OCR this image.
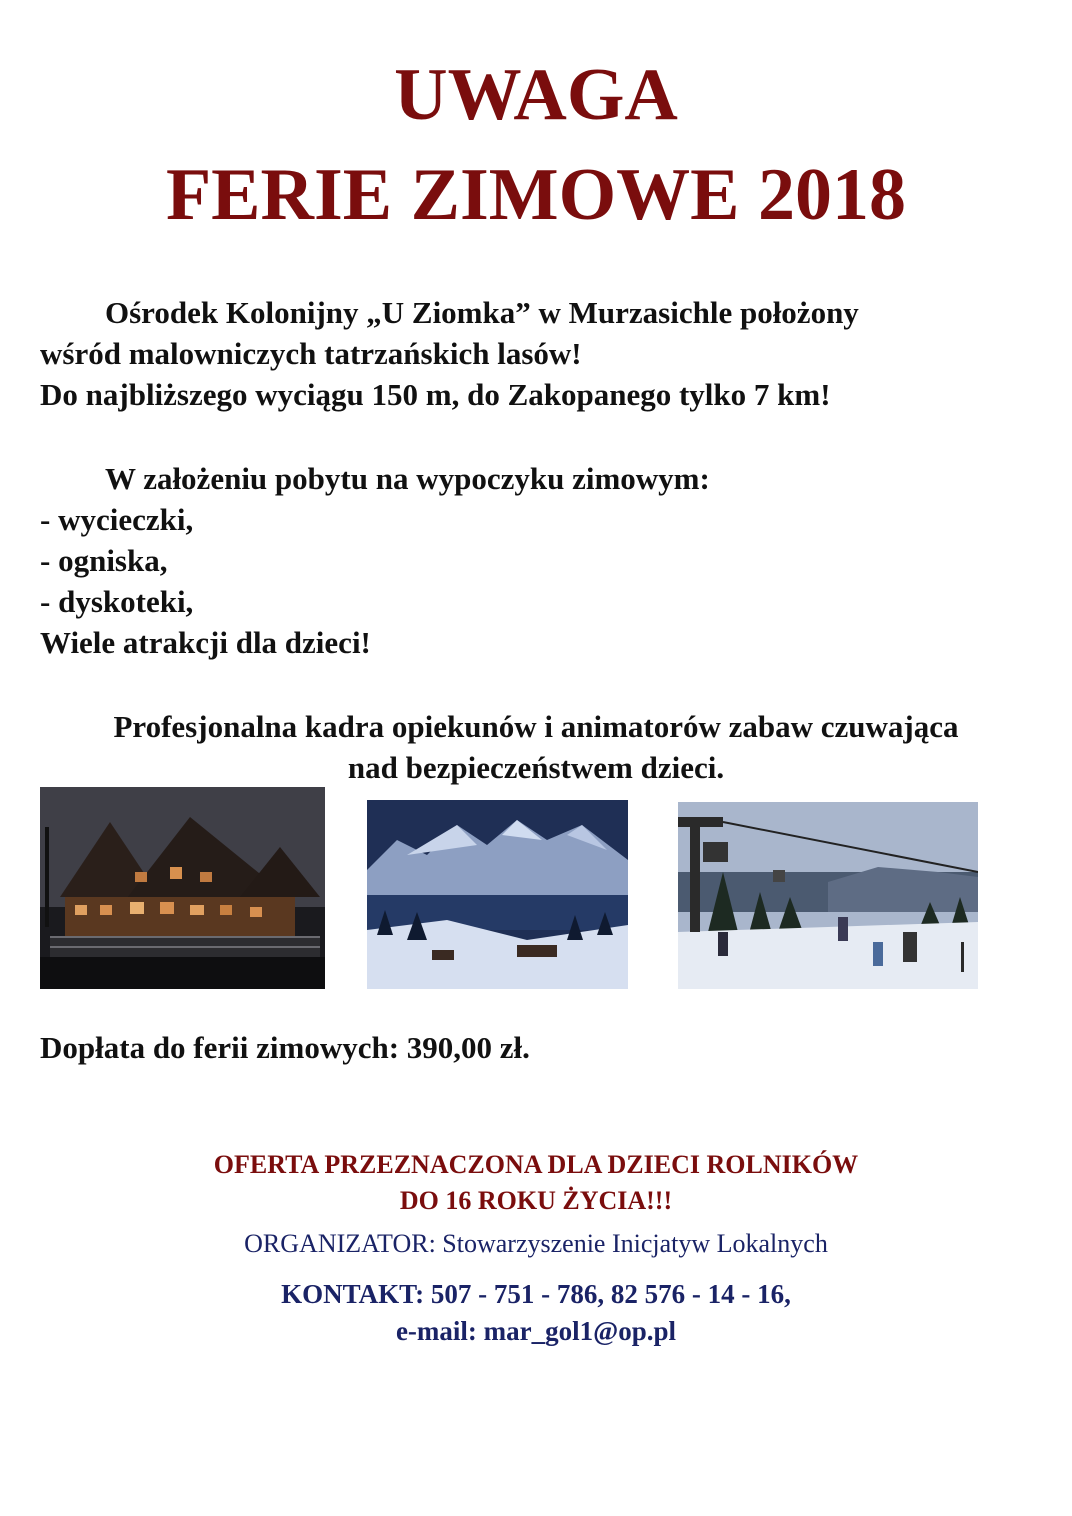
UWAGA
FERIE ZIMOWE 2018
Ośrodek Kolonijny „U Ziomka” w Murzasichle położony
wśród malowniczych tatrzańskich lasów!
Do najbliższego wyciągu 150 m, do Zakopanego tylko 7 km!
W założeniu pobytu na wypoczyku zimowym:
- wycieczki,
- ogniska,
- dyskoteki,
Wiele atrakcji dla dzieci!
Profesjonalna kadra opiekunów i animatorów zabaw czuwająca
nad bezpieczeństwem dzieci.

Dopłata do ferii zimowych: 390,00 zł.

OFERTA PRZEZNACZONA DLA DZIECI ROLNIKÓW
DO 16 ROKU ŻYCIA!!!

ORGANIZATOR: Stowarzyszenie Inicjatyw Lokalnych

KONTAKT: 507 - 751 - 786, 82 576 - 14 - 16,
e-mail: mar_gol1@op.pl
